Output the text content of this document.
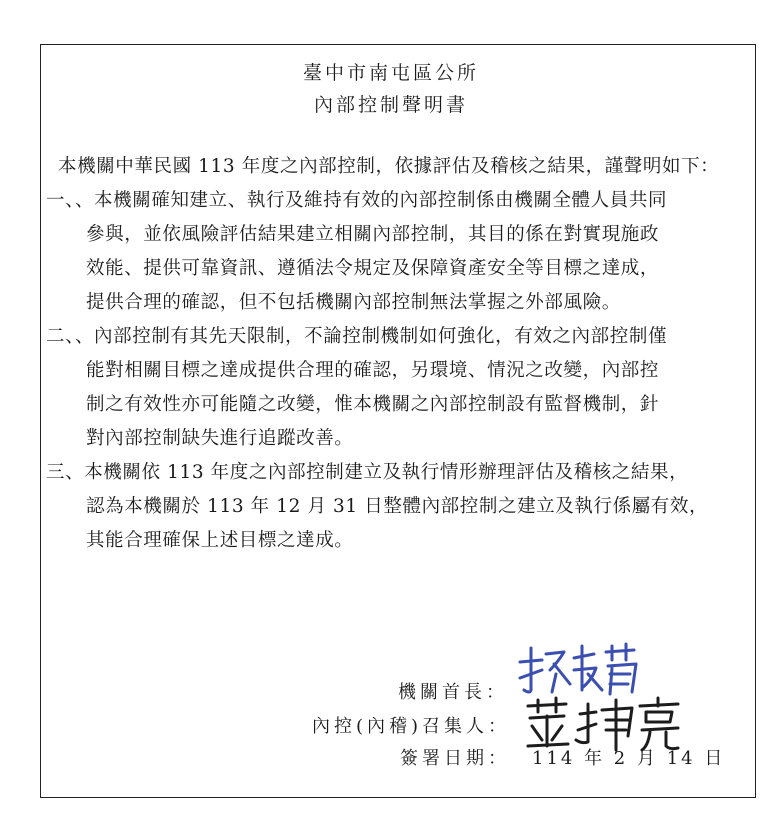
臺中市南屯區公所
內部控制聲明書
本機關中華民國 113 年度之內部控制，依據評估及稽核之結果，謹聲明如下：
一、、本機關確知建立、執行及維持有效的內部控制係由機關全體人員共同
參與，並依風險評估結果建立相關內部控制，其目的係在對實現施政
效能、提供可靠資訊、遵循法令規定及保障資產安全等目標之達成，
提供合理的確認，但不包括機關內部控制無法掌握之外部風險。
二、、內部控制有其先天限制，不論控制機制如何強化，有效之內部控制僅
能對相關目標之達成提供合理的確認，另環境、情況之改變，內部控
制之有效性亦可能隨之改變，惟本機關之內部控制設有監督機制，針
對內部控制缺失進行追蹤改善。
三、本機關依 113 年度之內部控制建立及執行情形辦理評估及稽核之結果，
認為本機關於 113 年 12 月 31 日整體內部控制之建立及執行係屬有效，
其能合理確保上述目標之達成。
機關首長：
內控(內稽)召集人：
簽署日期： 114 年 2 月 14 日
